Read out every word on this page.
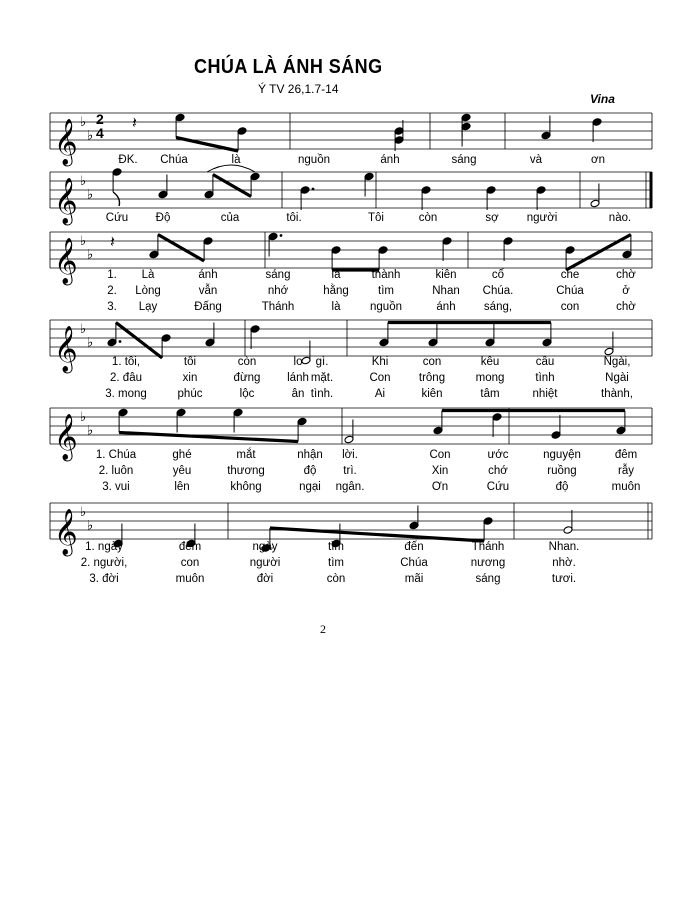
CHÚA LÀ ÁNH SÁNG
Ý TV 26,1.7-14
Vina
2
𝄞 ♭
♭
2
4
𝄽
𝄞 ♭
♭
𝄞 ♭
♭
𝄽
𝄞 ♭
♭
𝄞 ♭
♭
𝄞 ♭
♭
ĐK. Chúa	là	nguồn	ánh	sáng	và	ơn
Cứu Độ	của	tôi.	Tôi	còn	sợ người	nào.
1.
2.
3.
Là
Lòng
Lạy
ánh
vẫn
Đấng
sáng
nhớ
Thánh
là
hằng
là
thành
tìm
nguồn
kiên
Nhan
ánh
cố
Chúa.
sáng,
che
Chúa
con
chờ
ở
chờ
1. tôi,
2. đâu
3. mong
tôi
xin
phúc
còn
đừng
lộc
lo
lánh
ân
gì.
mặt.
tình.
Khi
Con
Ai
con
trông
kiên
kêu
mong
tâm
cầu
tình
nhiệt
Ngài,
Ngài
thành,
1. Chúa
2. luôn
3. vui
ghé
yêu
lên
mắt
thương
không
nhận
độ
ngại
lời.
trì.
ngân.
Con
Xin
Ơn
ước
chớ
Cứu
nguyện
ruồng
độ
đêm
rẫy
muôn
1. ngày
2. người,
3. đời
đêm
con
muôn
ngày
người
đời
tìm
tìm
còn
đến
Chúa
mãi
Thánh
nương
sáng
Nhan.
nhờ.
tươi.
